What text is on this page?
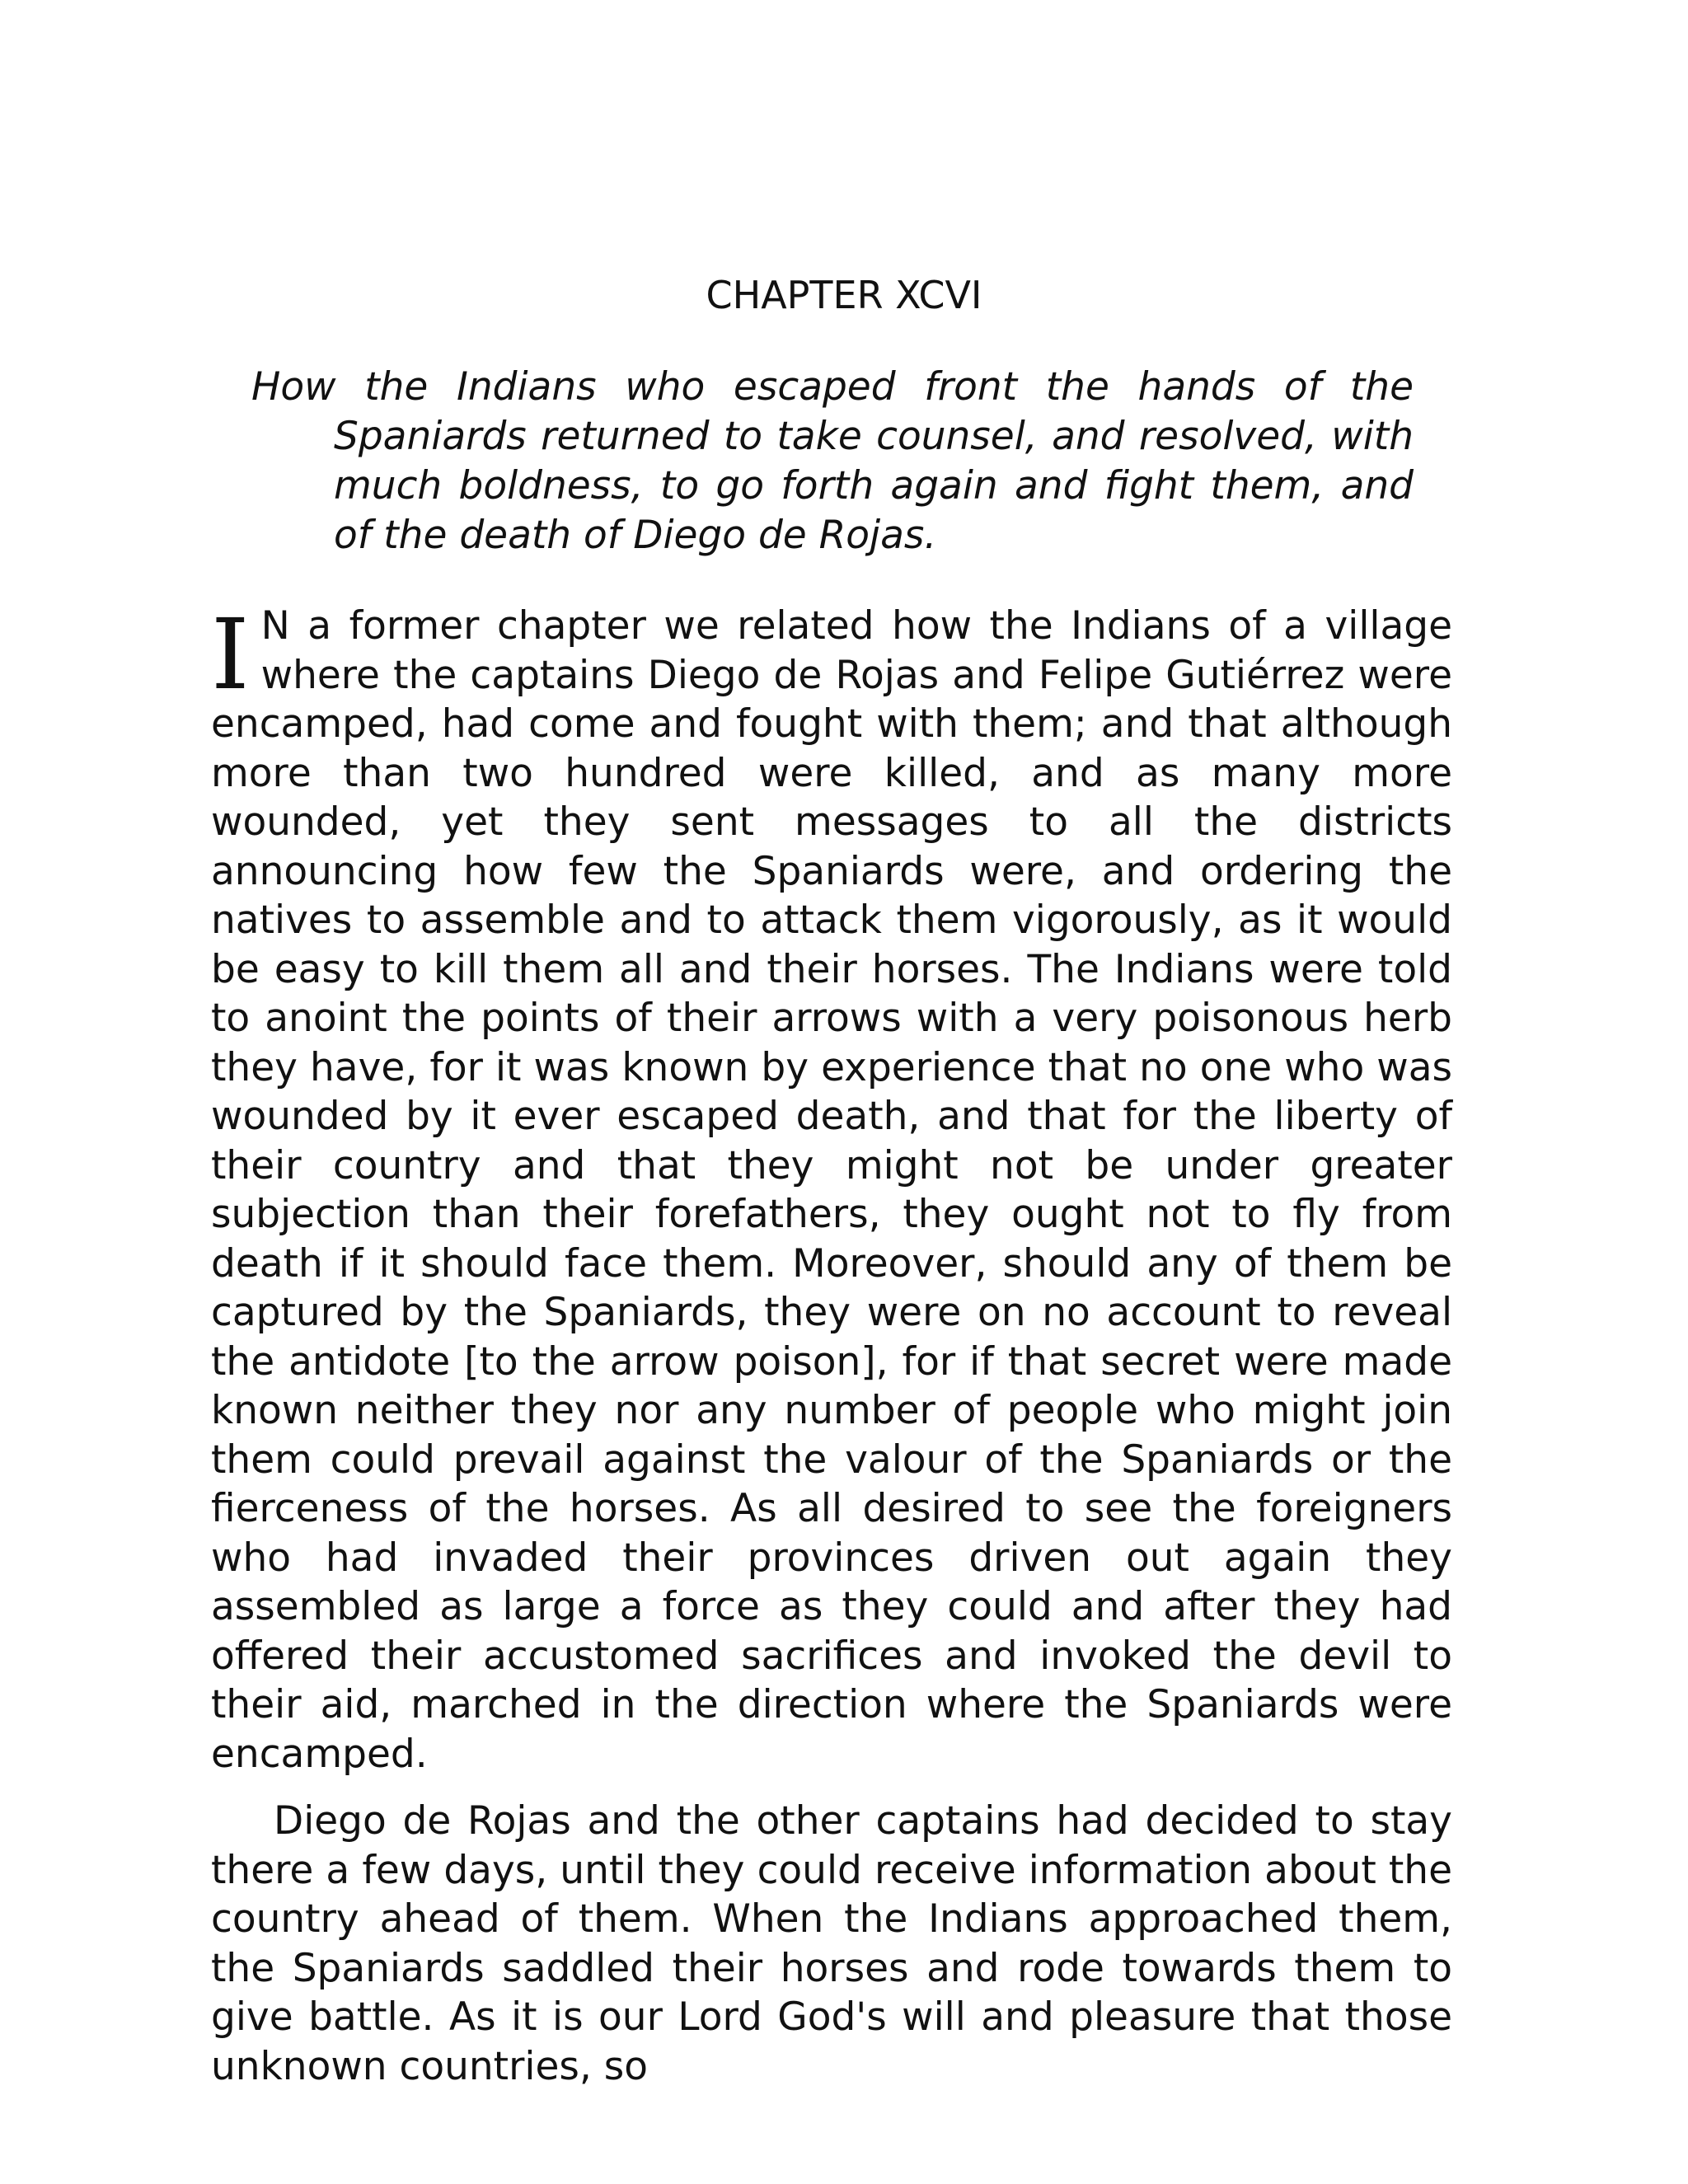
CHAPTER XCVI
How the Indians who escaped front the hands of the Spaniards returned to take counsel, and resolved, with much boldness, to go forth again and fight them, and of the death of Diego de Rojas.

I N a former chapter we related how the Indians of a village where the captains Diego de Rojas and Felipe Gutiérrez were encamped, had come and fought with them; and that although more than two hundred were killed, and as many more wounded, yet they sent messages to all the districts announcing how few the Spaniards were, and ordering the natives to assemble and to attack them vigorously, as it would be easy to kill them all and their horses. The Indians were told to anoint the points of their arrows with a very poisonous herb they have, for it was known by experience that no one who was wounded by it ever escaped death, and that for the liberty of their country and that they might not be under greater subjection than their forefathers, they ought not to fly from death if it should face them. Moreover, should any of them be captured by the Spaniards, they were on no account to reveal the antidote [to the arrow poison], for if that secret were made known neither they nor any number of people who might join them could prevail against the valour of the Spaniards or the fierceness of the horses. As all desired to see the foreigners who had invaded their provinces driven out again they assembled as large a force as they could and after they had offered their accustomed sacrifices and invoked the devil to their aid, marched in the direction where the Spaniards were encamped.

Diego de Rojas and the other captains had decided to stay there a few days, until they could receive information about the country ahead of them. When the Indians approached them, the Spaniards saddled their horses and rode towards them to give battle. As it is our Lord God's will and pleasure that those unknown countries, so
